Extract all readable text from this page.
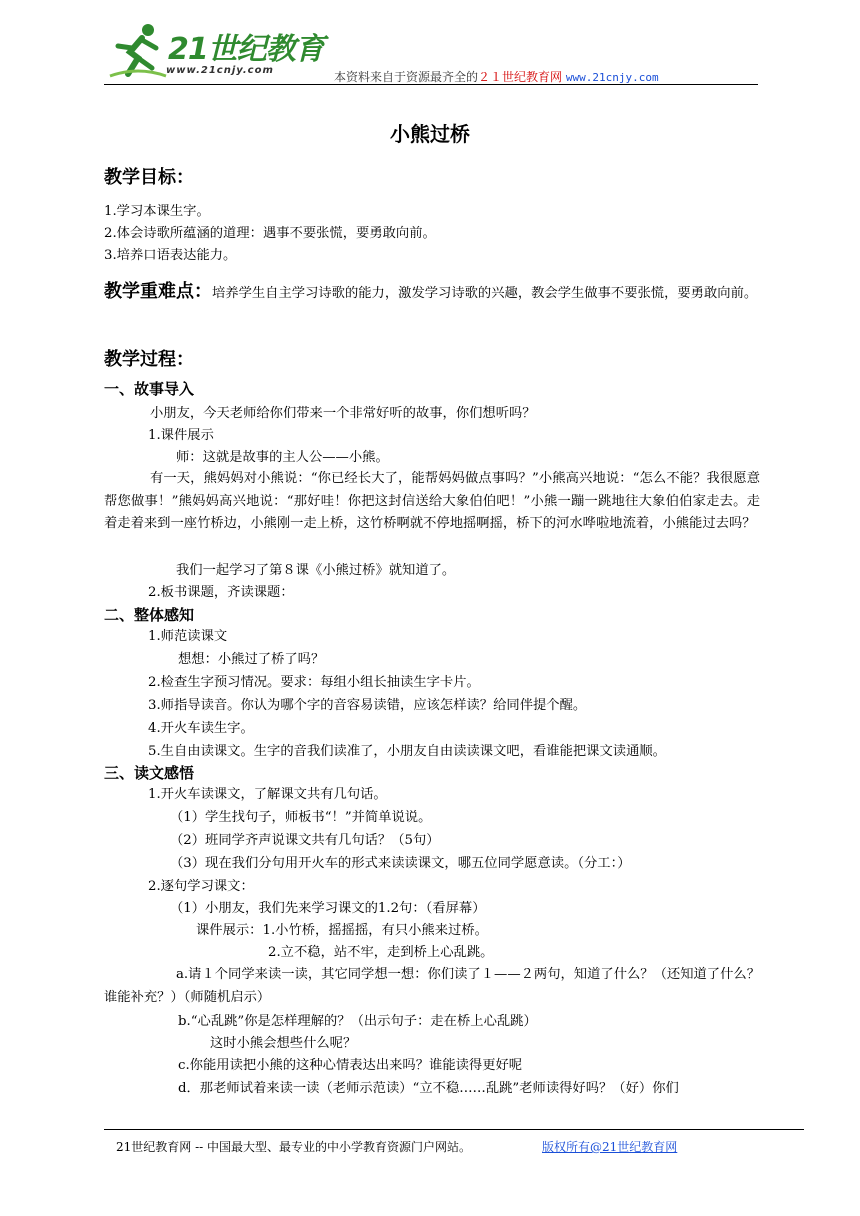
21世纪教育
www.21cnjy.com	本资料来自于资源最齐全的２１世纪教育网 www.21cnjy.com
小熊过桥
教学目标：
1.学习本课生字。
2.体会诗歌所蕴涵的道理：遇事不要张慌，要勇敢向前。
3.培养口语表达能力。
教学重难点：培养学生自主学习诗歌的能力，激发学习诗歌的兴趣，教会学生做事不要张慌，要勇敢向前。
教学过程：
一、故事导入
小朋友，今天老师给你们带来一个非常好听的故事，你们想听吗？
1.课件展示
师：这就是故事的主人公——小熊。
有一天，熊妈妈对小熊说：“你已经长大了，能帮妈妈做点事吗？”小熊高兴地说：“怎么不能？我很愿意帮您做事！”熊妈妈高兴地说：“那好哇！你把这封信送给大象伯伯吧！”小熊一蹦一跳地往大象伯伯家走去。走着走着来到一座竹桥边，小熊刚一走上桥，这竹桥啊就不停地摇啊摇，桥下的河水哗啦地流着，小熊能过去吗？
我们一起学习了第８课《小熊过桥》就知道了。
2.板书课题，齐读课题：
二、整体感知
1.师范读课文
想想：小熊过了桥了吗？
2.检查生字预习情况。要求：每组小组长抽读生字卡片。
3.师指导读音。你认为哪个字的音容易读错，应该怎样读？给同伴提个醒。
4.开火车读生字。
5.生自由读课文。生字的音我们读准了，小朋友自由读读课文吧，看谁能把课文读通顺。
三、读文感悟
1.开火车读课文，了解课文共有几句话。
（1）学生找句子，师板书“！”并简单说说。
（2）班同学齐声说课文共有几句话？（5句）
（3）现在我们分句用开火车的形式来读读课文，哪五位同学愿意读。（分工：）
2.逐句学习课文：
（1）小朋友，我们先来学习课文的1.2句：（看屏幕）
课件展示：1.小竹桥，摇摇摇，有只小熊来过桥。
2.立不稳，站不牢，走到桥上心乱跳。
a.请１个同学来读一读，其它同学想一想：你们读了１——２两句，知道了什么？（还知道了什么？谁能补充？）（师随机启示）
b.“心乱跳”你是怎样理解的？（出示句子：走在桥上心乱跳）
这时小熊会想些什么呢？
c.你能用读把小熊的这种心情表达出来吗？谁能读得更好呢
d．那老师试着来读一读（老师示范读）“立不稳……乱跳”老师读得好吗？（好）你们
21世纪教育网 -- 中国最大型、最专业的中小学教育资源门户网站。	版权所有@21世纪教育网
